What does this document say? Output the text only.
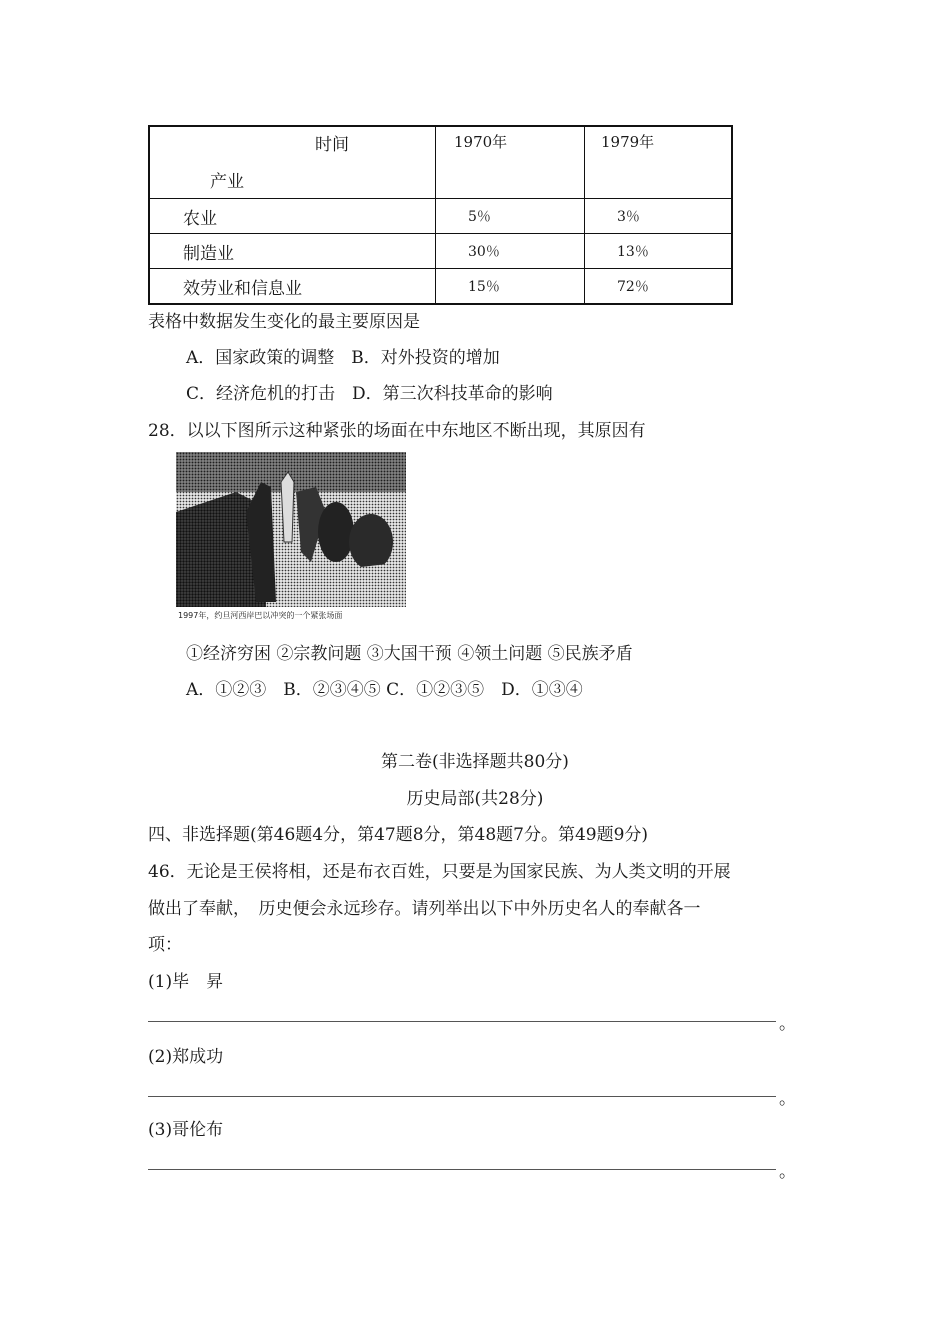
时间
产业	1970年	1979年

农业	5％	3％
制造业	30％	13％
效劳业和信息业	15％	72％
表格中数据发生变化的最主要原因是
A．国家政策的调整　B．对外投资的增加
C．经济危机的打击　D．第三次科技革命的影响
28．以以下图所示这种紧张的场面在中东地区不断出现，其原因有
1997年，约旦河西岸巴以冲突的一个紧张场面
①经济穷困 ②宗教问题 ③大国干预 ④领土问题 ⑤民族矛盾
A．①②③　B．②③④⑤ C．①②③⑤　D．①③④
第二卷(非选择题共80分)
历史局部(共28分)
四、非选择题(第46题4分，第47题8分，第48题7分。第49题9分)
46．无论是王侯将相，还是布衣百姓，只要是为国家民族、为人类文明的开展
做出了奉献，　历史便会永远珍存。请列举出以下中外历史名人的奉献各一
项：
(1)毕　昇
。
(2)郑成功
。
(3)哥伦布
。
